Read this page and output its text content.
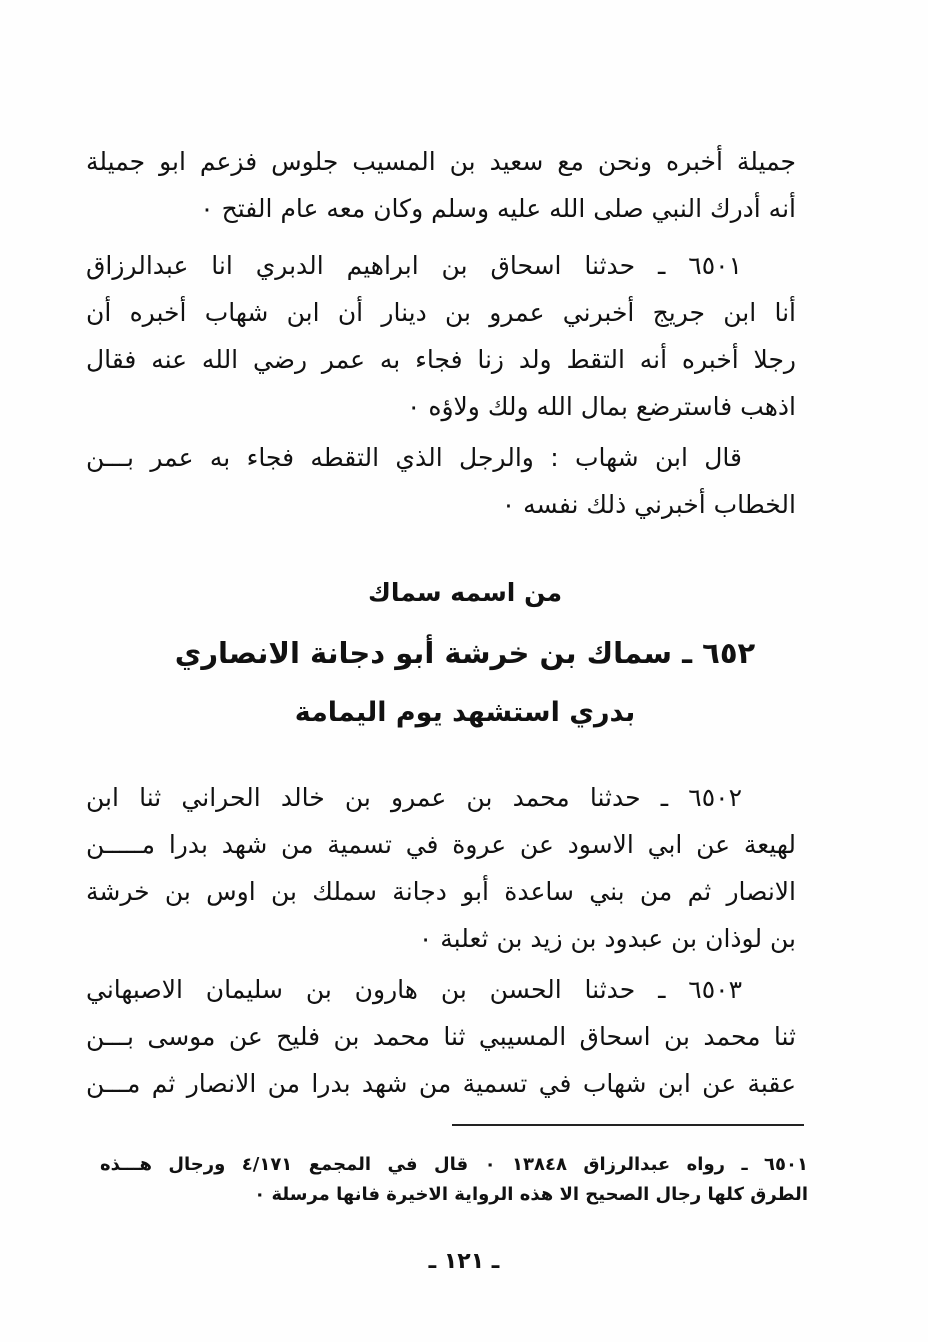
جميلة أخبره ونحن مع سعيد بن المسيب جلوس فزعم ابو جميلة
أنه أدرك النبي صلى الله عليه وسلم وكان معه عام الفتح ٠
٦٥٠١ ـ حدثنا اسحاق بن ابراهيم الدبري انا عبدالرزاق
أنا ابن جريج أخبرني عمرو بن دينار أن ابن شهاب أخبره أن
رجلا أخبره أنه التقط ولد زنا فجاء به عمر رضي الله عنه فقال
اذهب فاسترضع بمال الله ولك ولاؤه ٠
قال ابن شهاب : والرجل الذي التقطه فجاء به عمر بـــن
الخطاب أخبرني ذلك نفسه ٠
من اسمه سماك
٦٥٢ ـ سماك بن خرشة أبو دجانة الانصاري
بدري استشهد يوم اليمامة
٦٥٠٢ ـ حدثنا محمد بن عمرو بن خالد الحراني ثنا ابن
لهيعة عن ابي الاسود عن عروة في تسمية من شهد بدرا مـــــن
الانصار ثم من بني ساعدة أبو دجانة سملك بن اوس بن خرشة
بن لوذان بن عبدود بن زيد بن ثعلبة ٠
٦٥٠٣ ـ حدثنا الحسن بن هارون بن سليمان الاصبهاني
ثنا محمد بن اسحاق المسيبي ثنا محمد بن فليح عن موسى بـــن
عقبة عن ابن شهاب في تسمية من شهد بدرا من الانصار ثم مـــن
٦٥٠١ ـ رواه عبدالرزاق ١٣٨٤٨ ٠ قال في المجمع ٤/١٧١ ورجال هـــذه
الطرق كلها رجال الصحيح الا هذه الرواية الاخيرة فانها مرسلة ٠
ـ ١٢١ ـ
